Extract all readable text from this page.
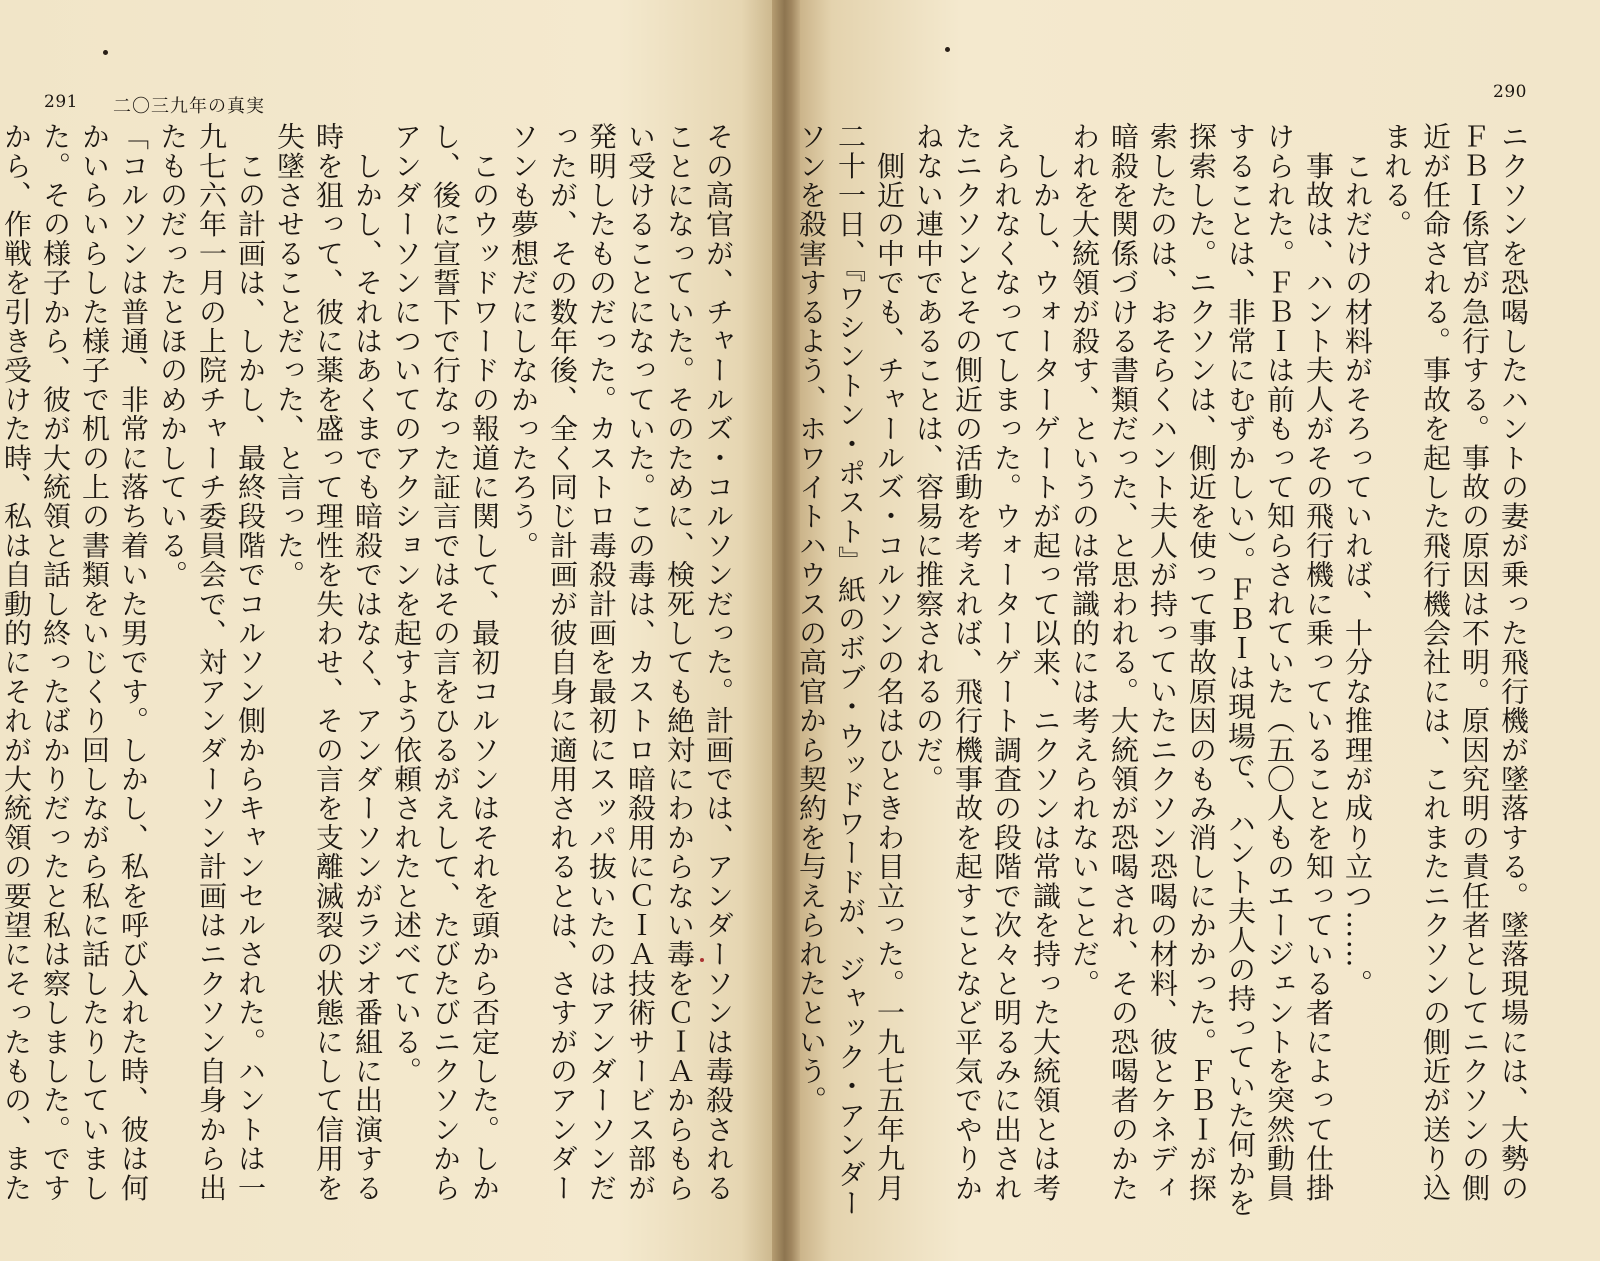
291 二〇三九年の真実
290
その高官が、チャールズ・コルソンだった。計画では、アンダーソンは毒殺されることになっていた。そのために、検死しても絶対にわからない毒をＣＩＡからもらい受けることになっていた。この毒は、カストロ暗殺用にＣＩＡ技術サービス部が発明したものだった。カストロ毒殺計画を最初にスッパ抜いたのはアンダーソンだったが、その数年後、全く同じ計画が彼自身に適用されるとは、さすがのアンダーソンも夢想だにしなかったろう。
　このウッドワードの報道に関して、最初コルソンはそれを頭から否定した。しかし、後に宣誓下で行なった証言ではその言をひるがえして、たびたびニクソンからアンダーソンについてのアクションを起すよう依頼されたと述べている。
　しかし、それはあくまでも暗殺ではなく、アンダーソンがラジオ番組に出演する時を狙って、彼に薬を盛って理性を失わせ、その言を支離滅裂の状態にして信用を失墜させることだった、と言った。
　この計画は、しかし、最終段階でコルソン側からキャンセルされた。ハントは一九七六年一月の上院チャーチ委員会で、対アンダーソン計画はニクソン自身から出たものだったとほのめかしている。
「コルソンは普通、非常に落ち着いた男です。しかし、私を呼び入れた時、彼は何かいらいらした様子で机の上の書類をいじくり回しながら私に話したりしていました。その様子から、彼が大統領と話し終ったばかりだったと私は察しました。ですから、作戦を引き受けた時、私は自動的にそれが大統領の要望にそったもの、また	ニクソンを恐喝したハントの妻が乗った飛行機が墜落する。墜落現場には、大勢のＦＢＩ係官が急行する。事故の原因は不明。原因究明の責任者としてニクソンの側近が任命される。事故を起した飛行機会社には、これまたニクソンの側近が送り込まれる。
　これだけの材料がそろっていれば、十分な推理が成り立つ……。
　事故は、ハント夫人がその飛行機に乗っていることを知っている者によって仕掛けられた。ＦＢＩは前もって知らされていた（五〇人ものエージェントを突然動員することは、非常にむずかしい）。ＦＢＩは現場で、ハント夫人の持っていた何かを探索した。ニクソンは、側近を使って事故原因のもみ消しにかかった。ＦＢＩが探索したのは、おそらくハント夫人が持っていたニクソン恐喝の材料、彼とケネディ暗殺を関係づける書類だった、と思われる。大統領が恐喝され、その恐喝者のかたわれを大統領が殺す、というのは常識的には考えられないことだ。
　しかし、ウォーターゲートが起って以来、ニクソンは常識を持った大統領とは考えられなくなってしまった。ウォーターゲート調査の段階で次々と明るみに出されたニクソンとその側近の活動を考えれば、飛行機事故を起すことなど平気でやりかねない連中であることは、容易に推察されるのだ。
　側近の中でも、チャールズ・コルソンの名はひときわ目立った。一九七五年九月二十一日、『ワシントン・ポスト』紙のボブ・ウッドワードが、ジャック・アンダーソンを殺害するよう、ホワイトハウスの高官から契約を与えられたという。
